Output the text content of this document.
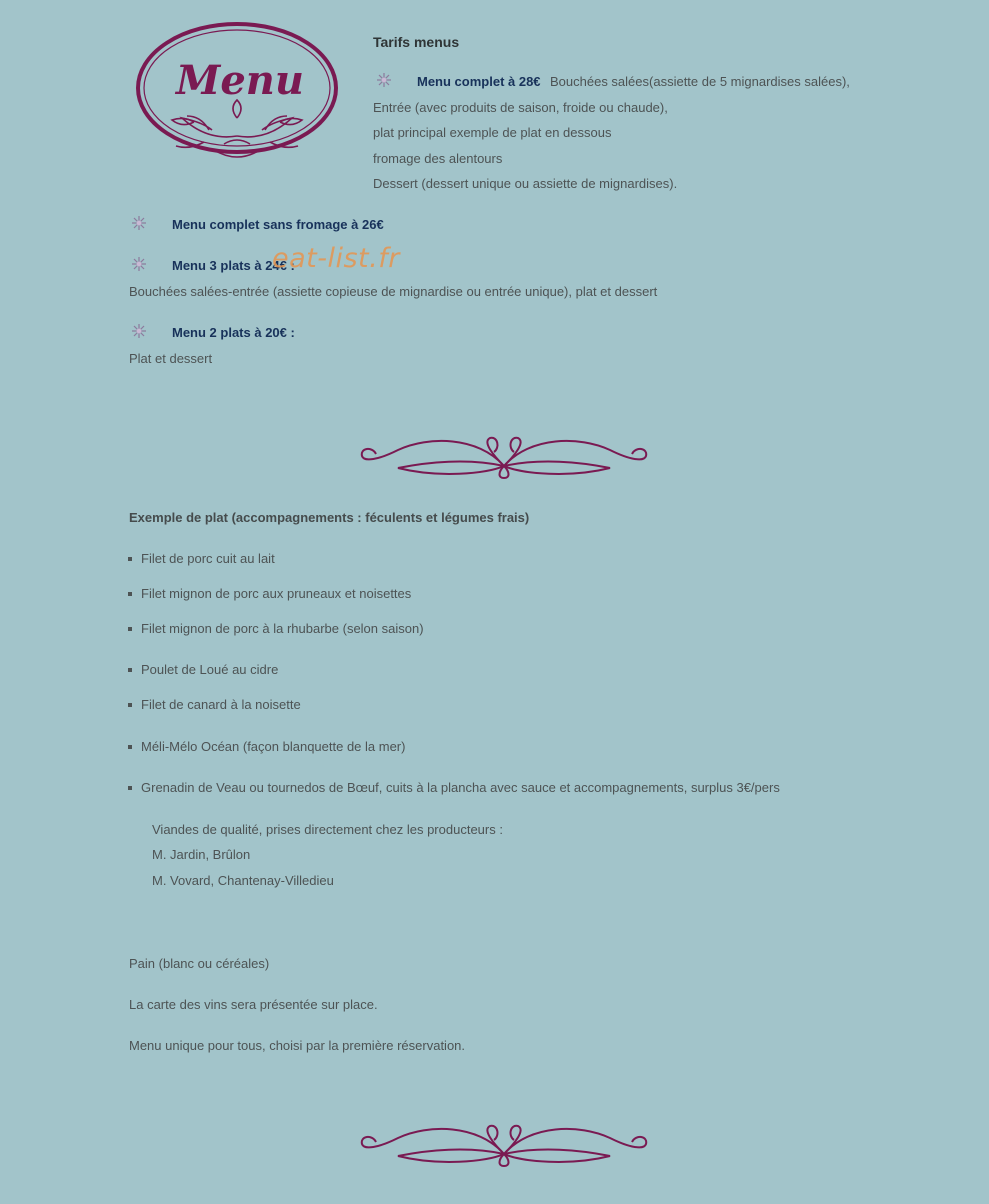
Menu
Tarifs menus
Menu complet à 28€ Bouchées salées(assiette de 5 mignardises salées),
Entrée (avec produits de saison, froide ou chaude),
plat principal exemple de plat en dessous
fromage des alentours
Dessert (dessert unique ou assiette de mignardises).
Menu complet sans fromage à 26€
Menu 3 plats à 24€ :
eat-list.fr
Bouchées salées-entrée (assiette copieuse de mignardise ou entrée unique), plat et dessert
Menu 2 plats à 20€ :
Plat et dessert
Exemple de plat (accompagnements : féculents et légumes frais)
Filet de porc cuit au lait
Filet mignon de porc aux pruneaux et noisettes
Filet mignon de porc à la rhubarbe (selon saison)
Poulet de Loué au cidre
Filet de canard à la noisette
Méli-Mélo Océan (façon blanquette de la mer)
Grenadin de Veau ou tournedos de Bœuf, cuits à la plancha avec sauce et accompagnements, surplus 3€/pers
Viandes de qualité, prises directement chez les producteurs :
M. Jardin, Brûlon
M. Vovard, Chantenay-Villedieu
Pain (blanc ou céréales)
La carte des vins sera présentée sur place.
Menu unique pour tous, choisi par la première réservation.
